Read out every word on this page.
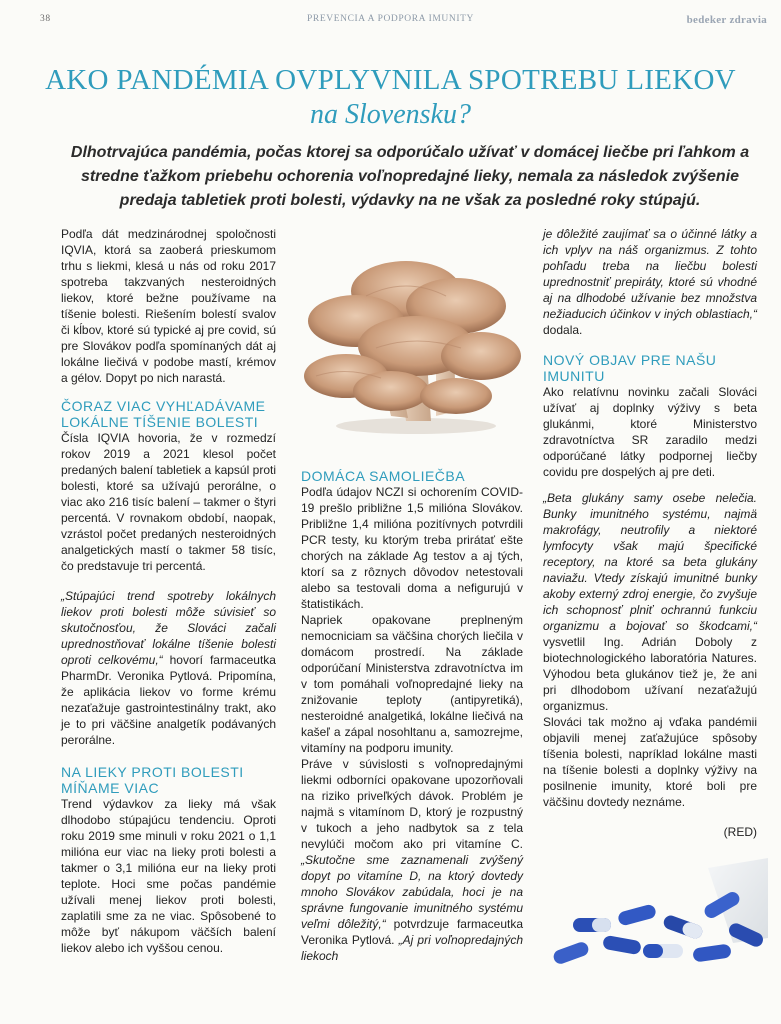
38	PREVENCIA A PODPORA IMUNITY	bedeker zdravia
AKO PANDÉMIA OVPLYVNILA SPOTREBU LIEKOV
na Slovensku?
Dlhotrvajúca pandémia, počas ktorej sa odporúčalo užívať v domácej liečbe pri ľahkom a stredne ťažkom priebehu ochorenia voľnopredajné lieky, nemala za následok zvýšenie predaja tabletiek proti bolesti, výdavky na ne však za posledné roky stúpajú.

Podľa dát medzinárodnej spoločnosti IQVIA, ktorá sa zaoberá prieskumom trhu s liekmi, klesá u nás od roku 2017 spotreba takzvaných nesteroidných liekov, ktoré bežne používame na tíšenie bolesti. Riešením bolestí svalov či kĺbov, ktoré sú typické aj pre covid, sú pre Slovákov podľa spomínaných dát aj lokálne liečivá v podobe mastí, krémov a gélov. Dopyt po nich narastá.

ČORAZ VIAC VYHĽADÁVAME LOKÁLNE TÍŠENIE BOLESTI

Čísla IQVIA hovoria, že v rozmedzí rokov 2019 a 2021 klesol počet predaných balení tabletiek a kapsúl proti bolesti, ktoré sa užívajú perorálne, o viac ako 216 tisíc balení – takmer o štyri percentá. V rovnakom období, naopak, vzrástol počet predaných nesteroidných analgetických mastí o takmer 58 tisíc, čo predstavuje tri percentá.

„Stúpajúci trend spotreby lokálnych liekov proti bolesti môže súvisieť so skutočnosťou, že Slováci začali uprednostňovať lokálne tíšenie bolesti oproti celkovému,“ hovorí farmaceutka PharmDr. Veronika Pytlová. Pripomína, že aplikácia liekov vo forme krému nezaťažuje gastrointestinálny trakt, ako je to pri väčšine analgetík podávaných perorálne.

NA LIEKY PROTI BOLESTI MÍŇAME VIAC

Trend výdavkov za lieky má však dlhodobo stúpajúcu tendenciu. Oproti roku 2019 sme minuli v roku 2021 o 1,1 milióna eur viac na lieky proti bolesti a takmer o 3,1 milióna eur na lieky proti teplote. Hoci sme počas pandémie užívali menej liekov proti bolesti, zaplatili sme za ne viac. Spôsobené to môže byť nákupom väčších balení liekov alebo ich vyššou cenou.

DOMÁCA SAMOLIEČBA

Podľa údajov NCZI si ochorením COVID-19 prešlo približne 1,5 milióna Slovákov. Približne 1,4 milióna pozitívnych potvrdili PCR testy, ku ktorým treba prirátať ešte chorých na základe Ag testov a aj tých, ktorí sa z rôznych dôvodov netestovali alebo sa testovali doma a nefigurujú v štatistikách.

Napriek opakovane preplneným nemocniciam sa väčšina chorých liečila v domácom prostredí. Na základe odporúčaní Ministerstva zdravotníctva im v tom pomáhali voľnopredajné lieky na znižovanie teploty (antipyretiká), nesteroidné analgetiká, lokálne liečivá na kašeľ a zápal nosohltanu a, samozrejme, vitamíny na podporu imunity.

Práve v súvislosti s voľnopredajnými liekmi odborníci opakovane upozorňovali na riziko priveľkých dávok. Problém je najmä s vitamínom D, ktorý je rozpustný v tukoch a jeho nadbytok sa z tela nevylúči močom ako pri vitamíne C. „Skutočne sme zaznamenali zvýšený dopyt po vitamíne D, na ktorý dovtedy mnoho Slovákov zabúdala, hoci je na správne fungovanie imunitného systému veľmi dôležitý,“ potvrdzuje farmaceutka Veronika Pytlová. „Aj pri voľnopredajných liekoch

je dôležité zaujímať sa o účinné látky a ich vplyv na náš organizmus. Z tohto pohľadu treba na liečbu bolesti uprednostniť prepiráty, ktoré sú vhodné aj na dlhodobé užívanie bez množstva nežiaducich účinkov v iných oblastiach,“ dodala.

NOVÝ OBJAV PRE NAŠU IMUNITU

Ako relatívnu novinku začali Slováci užívať aj doplnky výživy s beta glukánmi, ktoré Ministerstvo zdravotníctva SR zaradilo medzi odporúčané látky podpornej liečby covidu pre dospelých aj pre deti.

„Beta glukány samy osebe nelečia. Bunky imunitného systému, najmä makrofágy, neutrofily a niektoré lymfocyty však majú špecifické receptory, na ktoré sa beta glukány naviažu. Vtedy získajú imunitné bunky akoby externý zdroj energie, čo zvyšuje ich schopnosť plniť ochrannú funkciu organizmu a bojovať so škodcami,“ vysvetlil Ing. Adrián Doboly z biotechnologického laboratória Natures. Výhodou beta glukánov tiež je, že ani pri dlhodobom užívaní nezaťažujú organizmus.

Slováci tak možno aj vďaka pandémii objavili menej zaťažujúce spôsoby tíšenia bolesti, napríklad lokálne masti na tíšenie bolesti a doplnky výživy na posilnenie imunity, ktoré boli pre väčšinu dovtedy neznáme.

(RED)
